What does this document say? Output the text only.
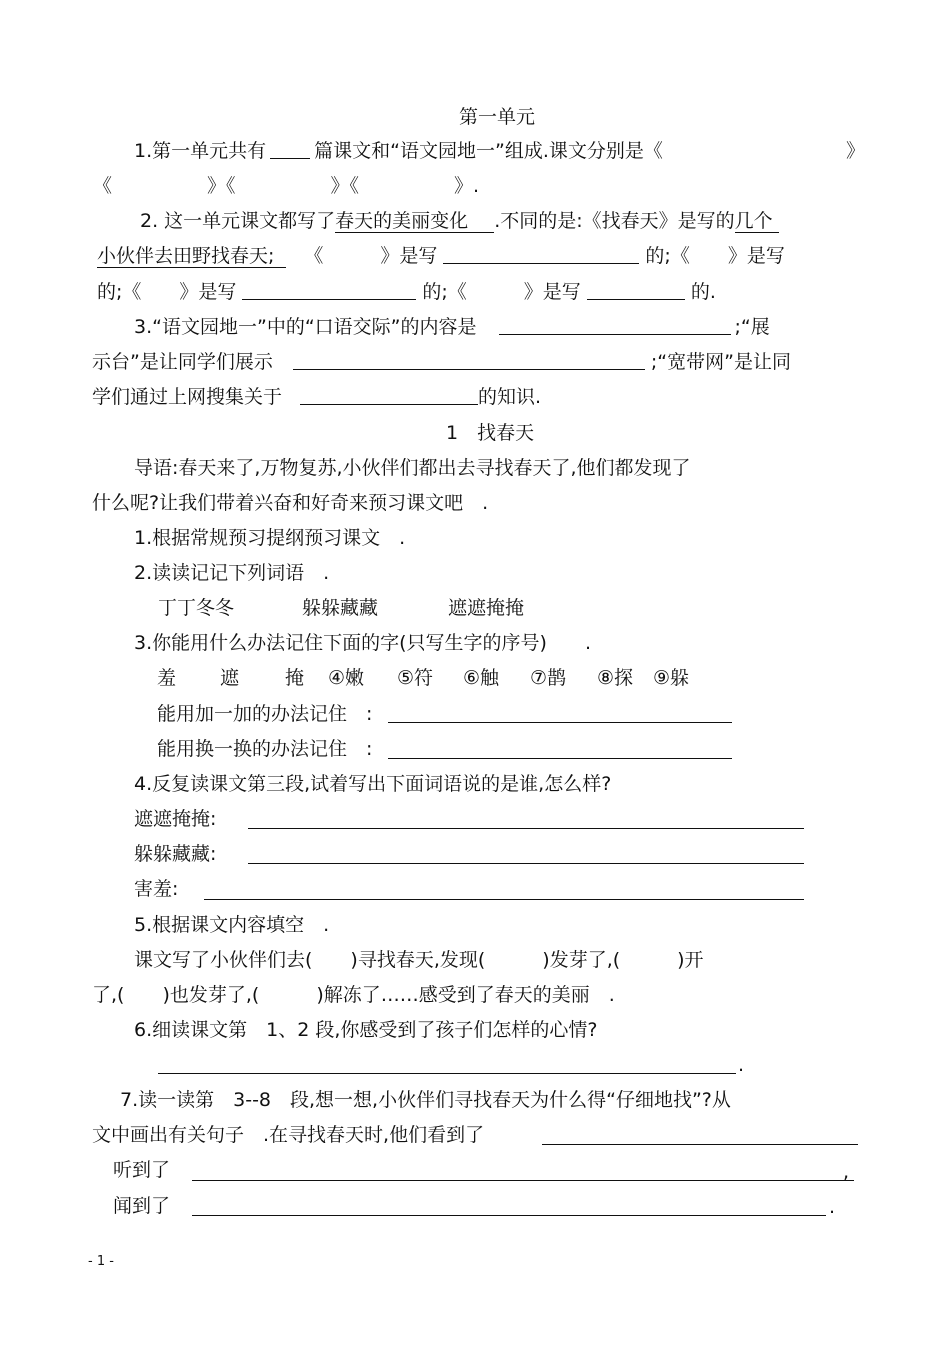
第一单元
1.第一单元共有	篇课文和“语文园地一”组成.课文分别是《	》
《　　　　　》《　　　　　》《　　　　　》.
2. 这一单元课文都写了春天的美丽变化 .不同的是:《找春天》是写的几个
小伙伴去田野找春天; 《　　　》是写	的;《　　》是写
的;《　　》是写	的;《　　　》是写	的.
3.“语文园地一”中的“口语交际”的内容是	;“展
示台”是让同学们展示	;“宽带网”是让同
学们通过上网搜集关于	的知识.
1　找春天
导语:春天来了,万物复苏,小伙伴们都出去寻找春天了,他们都发现了
什么呢?让我们带着兴奋和好奇来预习课文吧　.
1.根据常规预习提纲预习课文　.
2.读读记记下列词语　.
丁丁冬冬	躲躲藏藏	遮遮掩掩
3.你能用什么办法记住下面的字(只写生字的序号)　　.
羞 遮 掩 ④嫩 ⑤符 ⑥触 ⑦鹊 ⑧探 ⑨躲
能用加一加的办法记住　:
能用换一换的办法记住　:
4.反复读课文第三段,试着写出下面词语说的是谁,怎么样?
遮遮掩掩:
躲躲藏藏:
害羞:
5.根据课文内容填空　.
课文写了小伙伴们去(　　)寻找春天,发现(　　　)发芽了,(　　　)开
了,(　　)也发芽了,(　　　)解冻了……感受到了春天的美丽　.
6.细读课文第　1、2 段,你感受到了孩子们怎样的心情?
.
7.读一读第　3--8　段,想一想,小伙伴们寻找春天为什么得“仔细地找”?从
文中画出有关句子　.在寻找春天时,他们看到了
听到了	,
闻到了	.
- 1 -
